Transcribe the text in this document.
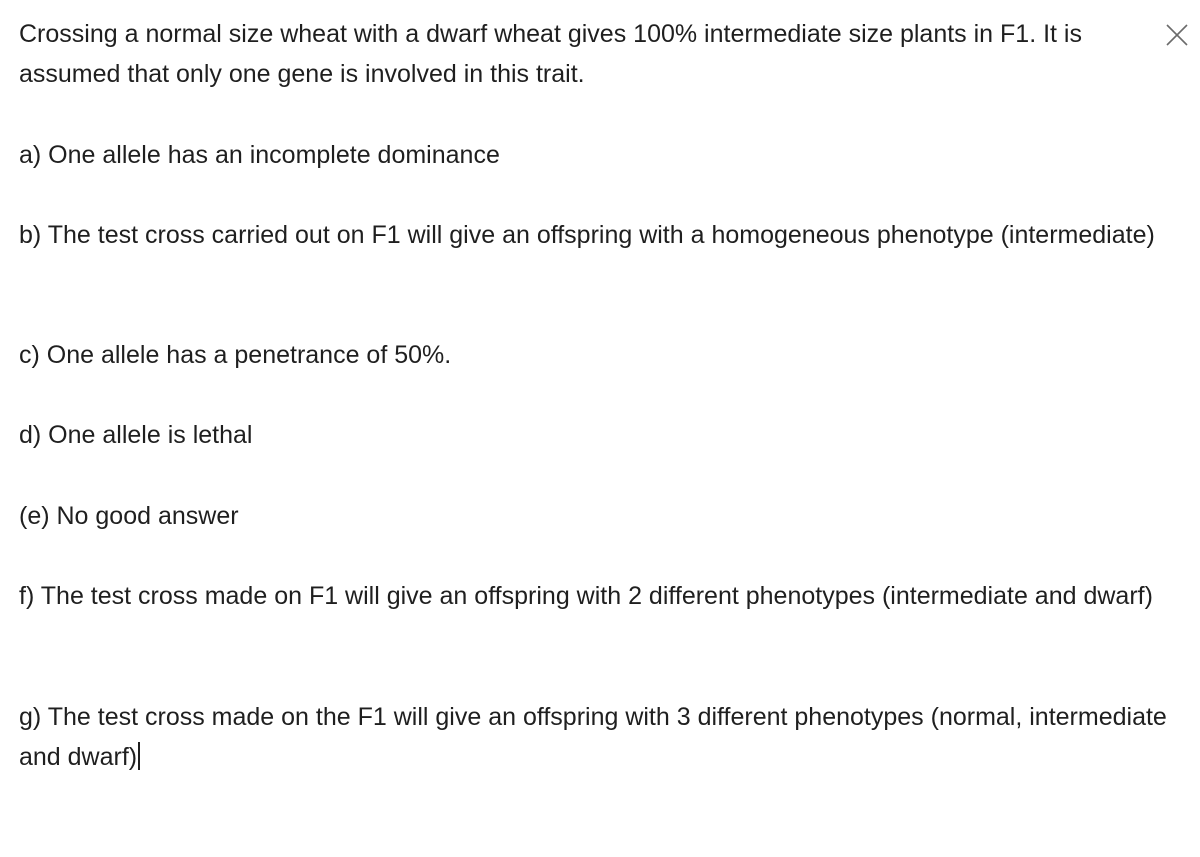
Crossing a normal size wheat with a dwarf wheat gives 100% intermediate size plants in F1. It is assumed that only one gene is involved in this trait.

a) One allele has an incomplete dominance

b) The test cross carried out on F1 will give an offspring with a homogeneous phenotype (intermediate)

c) One allele has a penetrance of 50%.

d) One allele is lethal

(e) No good answer

f) The test cross made on F1 will give an offspring with 2 different phenotypes (intermediate and dwarf)

g) The test cross made on the F1 will give an offspring with 3 different phenotypes (normal, intermediate and dwarf)
